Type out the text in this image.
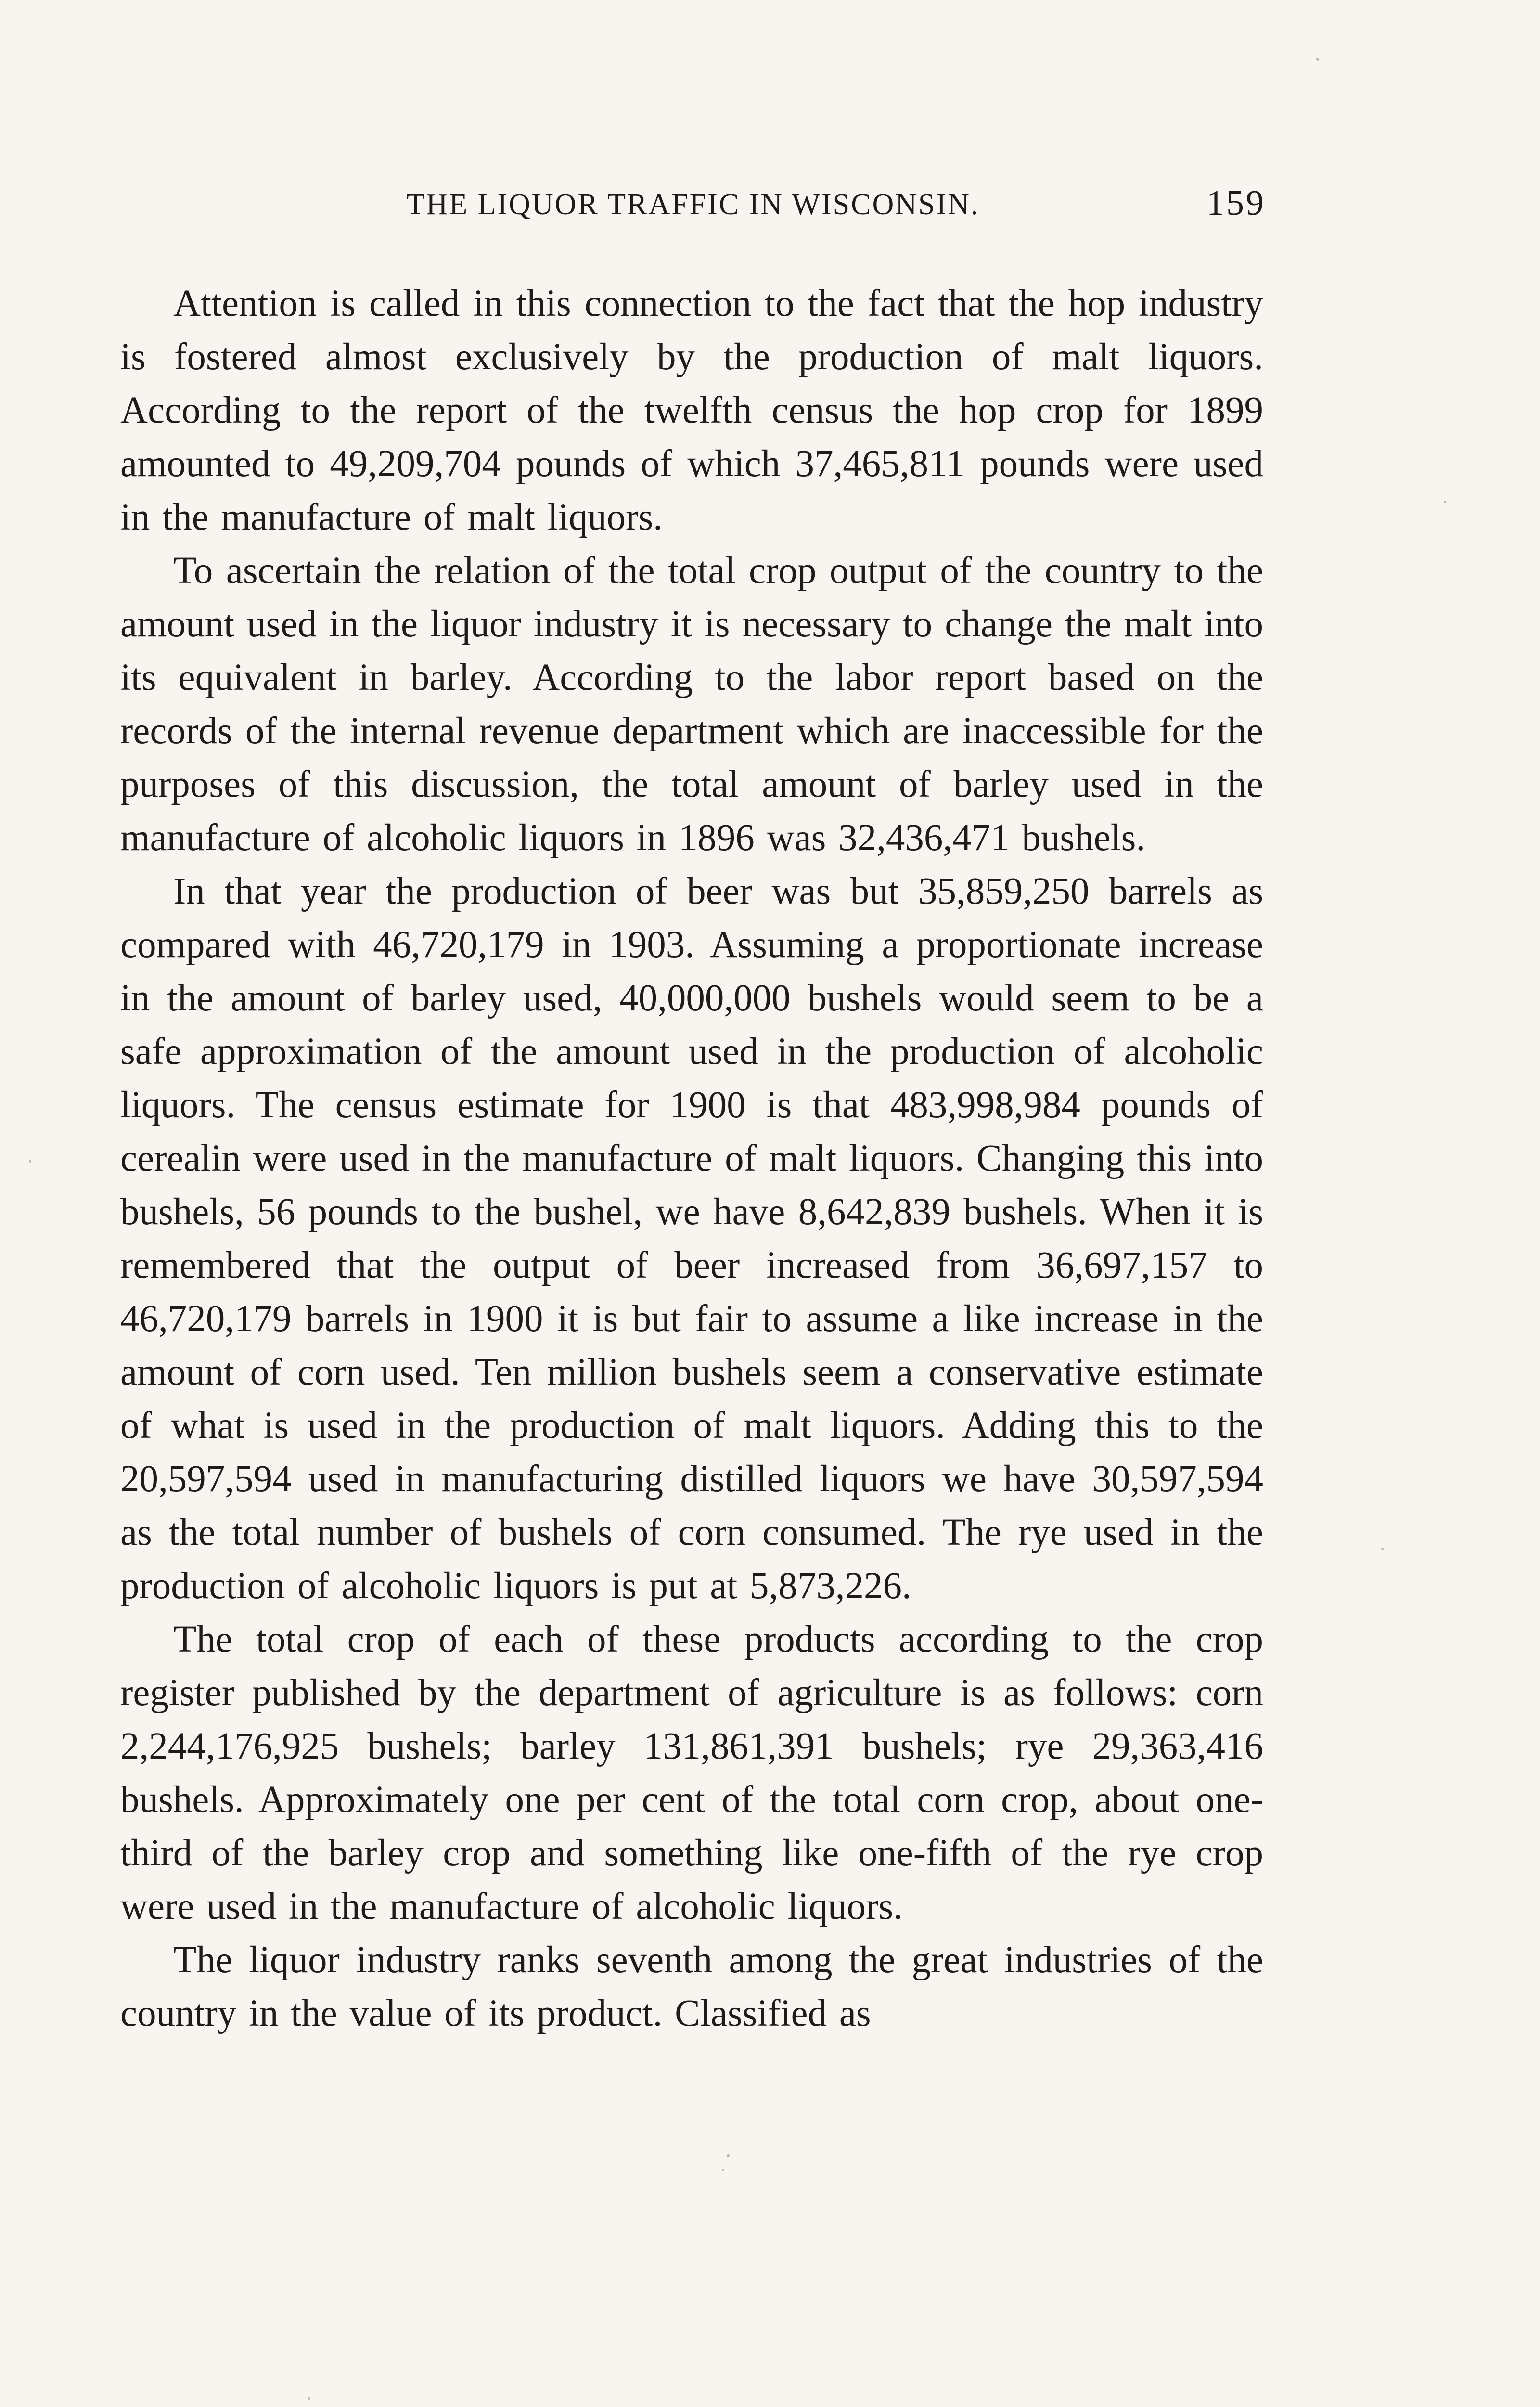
THE LIQUOR TRAFFIC IN WISCONSIN.	159

Attention is called in this connection to the fact that the hop industry is fostered almost exclusively by the production of malt liquors. According to the report of the twelfth census the hop crop for 1899 amounted to 49,209,704 pounds of which 37,465,811 pounds were used in the manufacture of malt liquors.

To ascertain the relation of the total crop output of the country to the amount used in the liquor industry it is necessary to change the malt into its equivalent in barley. According to the labor report based on the records of the internal revenue department which are inaccessible for the purposes of this discussion, the total amount of barley used in the manufacture of alcoholic liquors in 1896 was 32,436,471 bushels.

In that year the production of beer was but 35,859,250 barrels as compared with 46,720,179 in 1903. Assuming a proportionate increase in the amount of barley used, 40,000,000 bushels would seem to be a safe approximation of the amount used in the production of alcoholic liquors. The census estimate for 1900 is that 483,998,984 pounds of cerealin were used in the manufacture of malt liquors. Changing this into bushels, 56 pounds to the bushel, we have 8,642,839 bushels. When it is remembered that the output of beer increased from 36,697,157 to 46,720,179 barrels in 1900 it is but fair to assume a like increase in the amount of corn used. Ten million bushels seem a conservative estimate of what is used in the production of malt liquors. Adding this to the 20,597,594 used in manufacturing distilled liquors we have 30,597,594 as the total number of bushels of corn consumed. The rye used in the production of alcoholic liquors is put at 5,873,226.

The total crop of each of these products according to the crop register published by the department of agriculture is as follows: corn 2,244,176,925 bushels; barley 131,861,391 bushels; rye 29,363,416 bushels. Approximately one per cent of the total corn crop, about one-third of the barley crop and something like one-fifth of the rye crop were used in the manufacture of alcoholic liquors.

The liquor industry ranks seventh among the great industries of the country in the value of its product. Classified as
